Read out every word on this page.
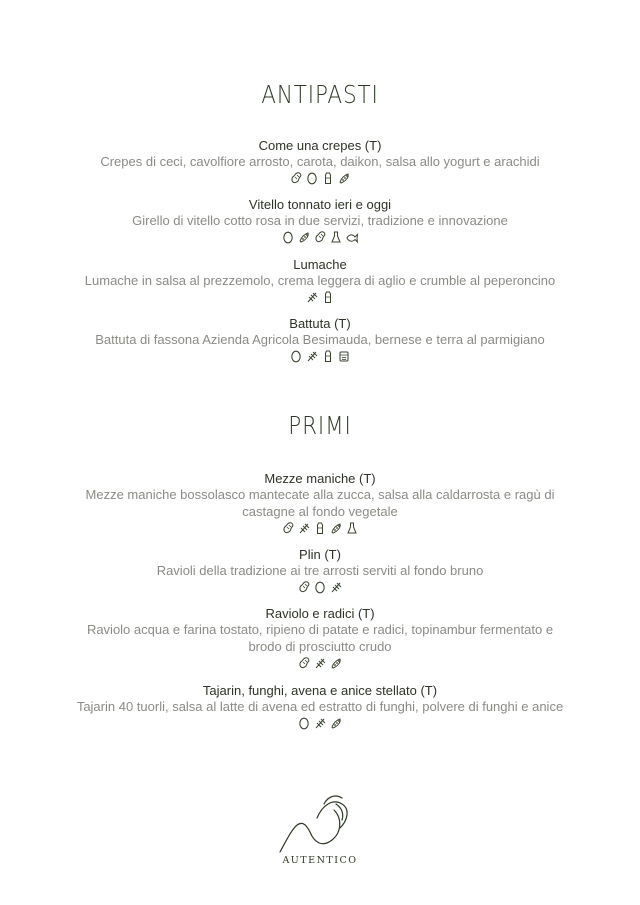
ANTIPASTI

Come una crepes (T)

Crepes di ceci, cavolfiore arrosto, carota, daikon, salsa allo yogurt e arachidi

Vitello tonnato ieri e oggi

Girello di vitello cotto rosa in due servizi, tradizione e innovazione

Lumache

Lumache in salsa al prezzemolo, crema leggera di aglio e crumble al peperoncino

Battuta (T)

Battuta di fassona Azienda Agricola Besimauda, bernese e terra al parmigiano

PRIMI

Mezze maniche (T)

Mezze maniche bossolasco mantecate alla zucca, salsa alla caldarrosta e ragù di

castagne al fondo vegetale

Plin (T)

Ravioli della tradizione ai tre arrosti serviti al fondo bruno

Raviolo e radici (T)

Raviolo acqua e farina tostato, ripieno di patate e radici, topinambur fermentato e

brodo di prosciutto crudo

Tajarin, funghi, avena e anice stellato (T)

Tajarin 40 tuorli, salsa al latte di avena ed estratto di funghi, polvere di funghi e anice

AUTENTICO
